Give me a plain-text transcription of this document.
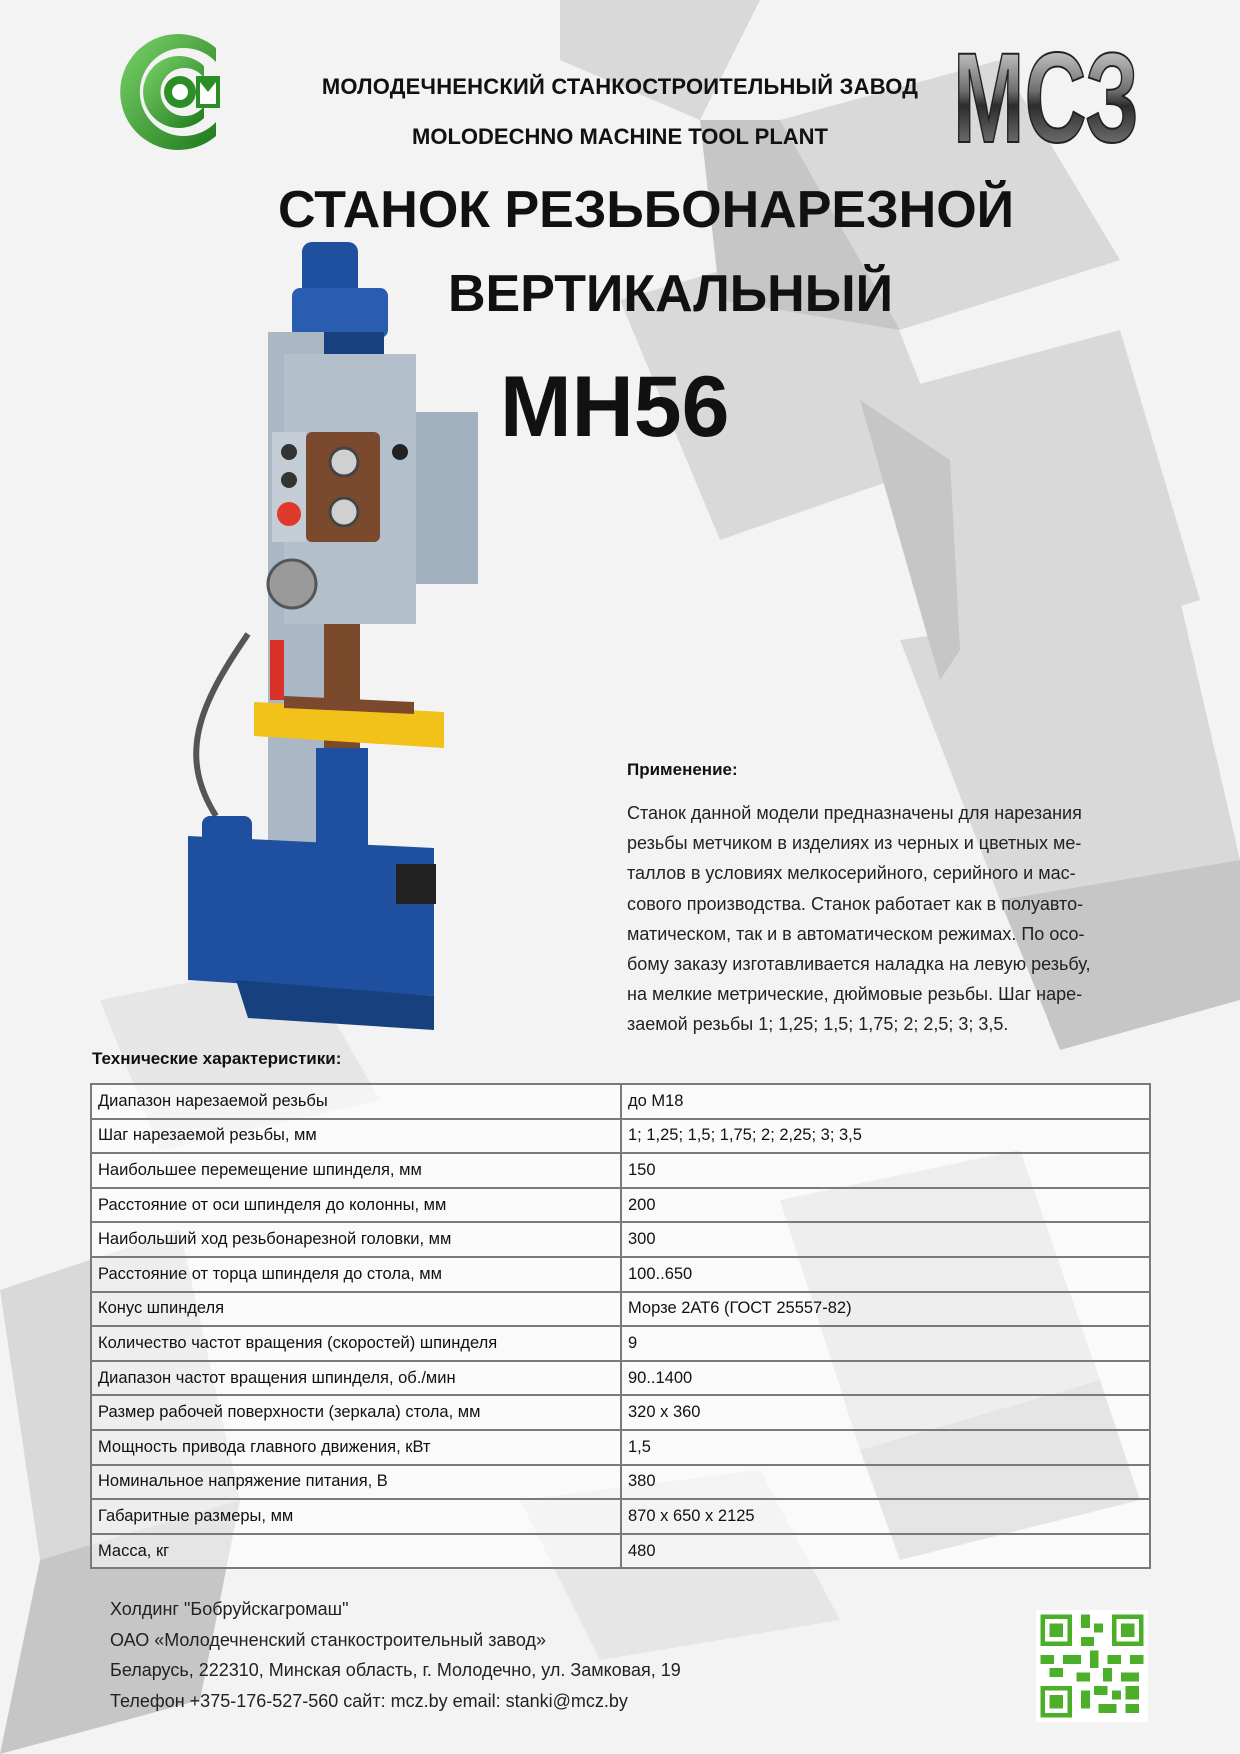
МОЛОДЕЧНЕНСКИЙ СТАНКОСТРОИТЕЛЬНЫЙ ЗАВОД
MOLODECHNO MACHINE TOOL PLANT МСЗ
СТАНОК РЕЗЬБОНАРЕЗНОЙ
ВЕРТИКАЛЬНЫЙ
МН56
Применение:
Станок данной модели предназначены для нарезания
резьбы метчиком в изделиях из черных и цветных ме-
таллов в условиях мелкосерийного, серийного и мас-
сового производства. Станок работает как в полуавто-
матическом, так и в автоматическом режимах. По осо-
бому заказу изготавливается наладка на левую резьбу,
на мелкие метрические, дюймовые резьбы. Шаг наре-
заемой резьбы 1; 1,25; 1,5; 1,75; 2; 2,5; 3; 3,5.
Технические характеристики:
Диапазон нарезаемой резьбы	до М18
Шаг нарезаемой резьбы, мм	1; 1,25; 1,5; 1,75; 2; 2,25; 3; 3,5
Наибольшее перемещение шпинделя, мм	150
Расстояние от оси шпинделя до колонны, мм	200
Наибольший ход резьбонарезной головки, мм	300
Расстояние от торца шпинделя до стола, мм	100..650
Конус шпинделя	Морзе 2АТ6 (ГОСТ 25557-82)
Количество частот вращения (скоростей) шпинделя	9
Диапазон частот вращения шпинделя, об./мин	90..1400
Размер рабочей поверхности (зеркала) стола, мм	320 х 360
Мощность привода главного движения, кВт	1,5
Номинальное напряжение питания, В	380
Габаритные размеры, мм	870 х 650 х 2125
Масса, кг	480
Холдинг "Бобруйскагромаш"
ОАО «Молодечненский станкостроительный завод»
Беларусь, 222310, Минская область, г. Молодечно, ул. Замковая, 19
Телефон +375-176-527-560 сайт: mcz.by email: stanki@mcz.by
